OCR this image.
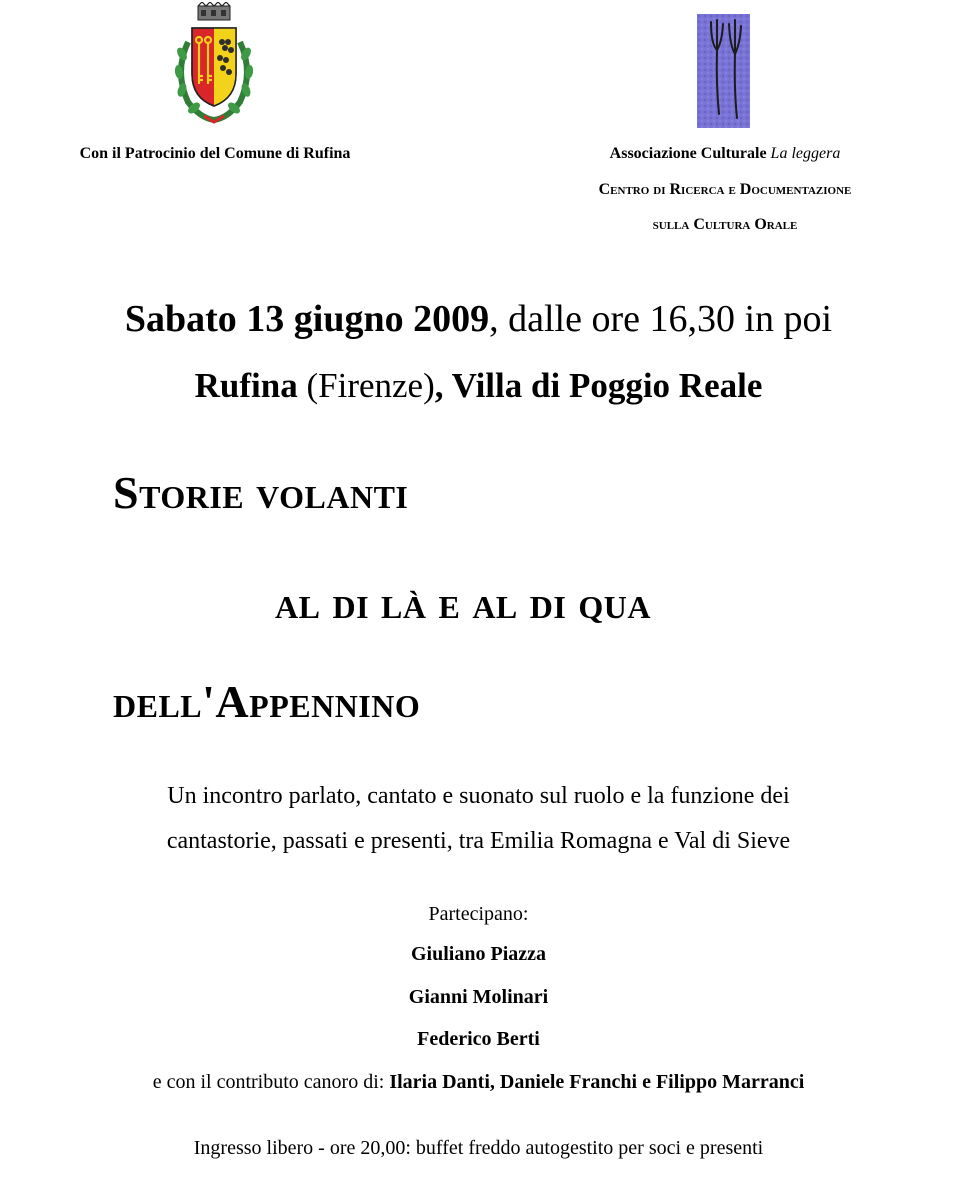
Con il Patrocinio del Comune di Rufina	Associazione Culturale La leggera
Centro di Ricerca e Documentazione
sulla Cultura Orale
Sabato 13 giugno 2009, dalle ore 16,30 in poi
Rufina (Firenze), Villa di Poggio Reale
Storie volanti
al di là e al di qua
dell'Appennino
Un incontro parlato, cantato e suonato sul ruolo e la funzione dei
cantastorie, passati e presenti, tra Emilia Romagna e Val di Sieve
Partecipano:
Giuliano Piazza
Gianni Molinari
Federico Berti
e con il contributo canoro di: Ilaria Danti, Daniele Franchi e Filippo Marranci
Ingresso libero - ore 20,00: buffet freddo autogestito per soci e presenti
